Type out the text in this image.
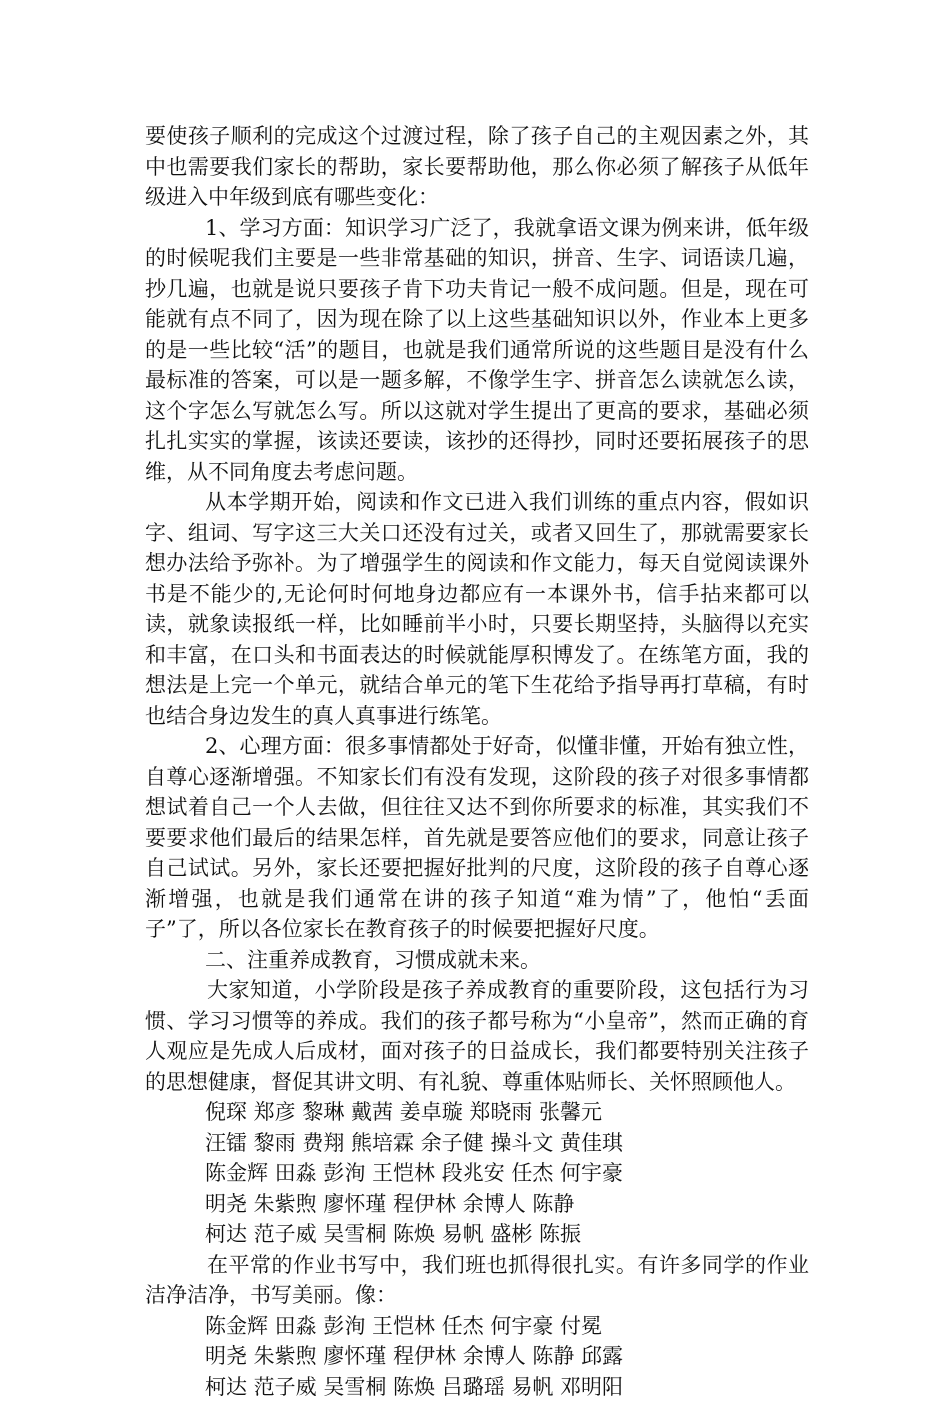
要使孩子顺利的完成这个过渡过程，除了孩子自己的主观因素之外，其中也需要我们家长的帮助，家长要帮助他，那么你必须了解孩子从低年级进入中年级到底有哪些变化：

1、学习方面：知识学习广泛了，我就拿语文课为例来讲，低年级的时候呢我们主要是一些非常基础的知识，拼音、生字、词语读几遍，抄几遍，也就是说只要孩子肯下功夫肯记一般不成问题。但是，现在可能就有点不同了，因为现在除了以上这些基础知识以外，作业本上更多的是一些比较“活”的题目，也就是我们通常所说的这些题目是没有什么最标准的答案，可以是一题多解，不像学生字、拼音怎么读就怎么读，这个字怎么写就怎么写。所以这就对学生提出了更高的要求，基础必须扎扎实实的掌握，该读还要读，该抄的还得抄，同时还要拓展孩子的思维，从不同角度去考虑问题。

从本学期开始，阅读和作文已进入我们训练的重点内容，假如识字、组词、写字这三大关口还没有过关，或者又回生了，那就需要家长想办法给予弥补。为了增强学生的阅读和作文能力，每天自觉阅读课外书是不能少的,无论何时何地身边都应有一本课外书，信手拈来都可以读，就象读报纸一样，比如睡前半小时，只要长期坚持，头脑得以充实和丰富，在口头和书面表达的时候就能厚积博发了。在练笔方面，我的想法是上完一个单元，就结合单元的笔下生花给予指导再打草稿，有时也结合身边发生的真人真事进行练笔。

2、心理方面：很多事情都处于好奇，似懂非懂，开始有独立性，自尊心逐渐增强。不知家长们有没有发现，这阶段的孩子对很多事情都想试着自己一个人去做，但往往又达不到你所要求的标准，其实我们不要要求他们最后的结果怎样，首先就是要答应他们的要求，同意让孩子自己试试。另外，家长还要把握好批判的尺度，这阶段的孩子自尊心逐渐增强，也就是我们通常在讲的孩子知道“难为情”了，他怕“丢面子”了，所以各位家长在教育孩子的时候要把握好尺度。

二、注重养成教育，习惯成就未来。

大家知道，小学阶段是孩子养成教育的重要阶段，这包括行为习惯、学习习惯等的养成。我们的孩子都号称为“小皇帝”，然而正确的育人观应是先成人后成材，面对孩子的日益成长，我们都要特别关注孩子的思想健康，督促其讲文明、有礼貌、尊重体贴师长、关怀照顾他人。

倪琛 郑彦 黎琳 戴茜 姜卓璇 郑晓雨 张馨元

汪镭 黎雨 费翔 熊培霖 余子健 操斗文 黄佳琪

陈金辉 田淼 彭洵 王恺林 段兆安 任杰 何宇豪

明尧 朱紫煦 廖怀瑾 程伊林 余博人 陈静

柯达 范子威 吴雪桐 陈焕 易帆 盛彬 陈振

在平常的作业书写中，我们班也抓得很扎实。有许多同学的作业洁净洁净，书写美丽。像：

陈金辉 田淼 彭洵 王恺林 任杰 何宇豪 付冕

明尧 朱紫煦 廖怀瑾 程伊林 余博人 陈静 邱露

柯达 范子威 吴雪桐 陈焕 吕璐瑶 易帆 邓明阳
